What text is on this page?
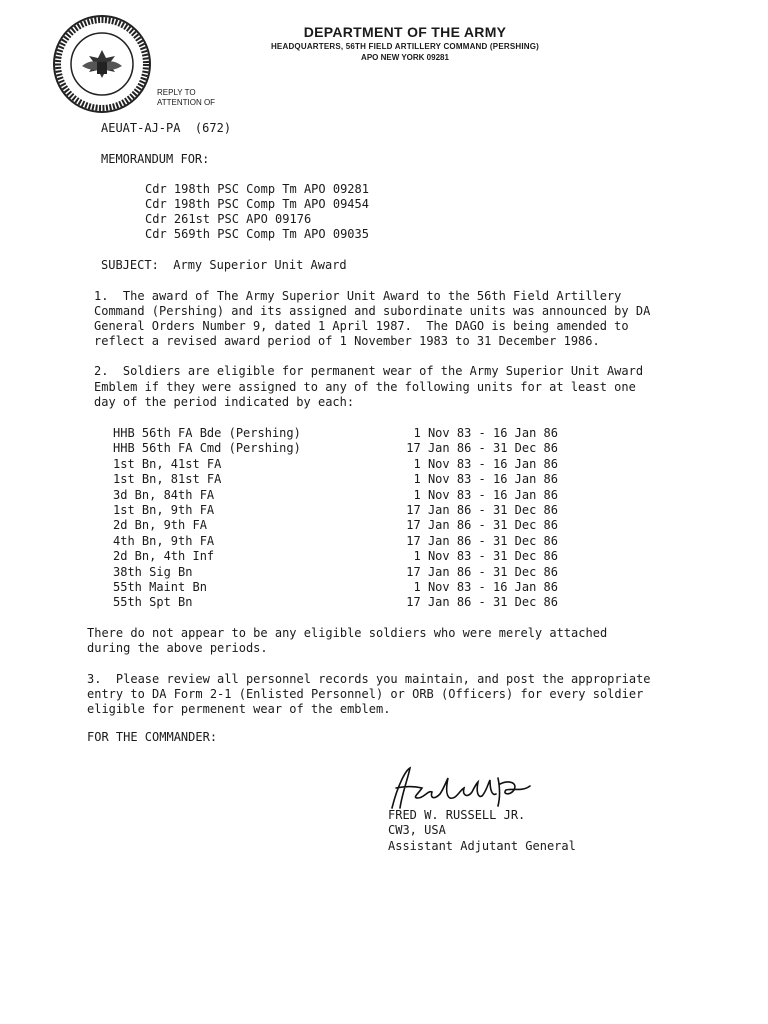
DEPARTMENT OF THE ARMY
HEADQUARTERS, 56TH FIELD ARTILLERY COMMAND (PERSHING)
APO NEW YORK 09281
REPLY TO
ATTENTION OF
AEUAT-AJ-PA  (672)
MEMORANDUM FOR:
Cdr 198th PSC Comp Tm APO 09281
Cdr 198th PSC Comp Tm APO 09454
Cdr 261st PSC APO 09176
Cdr 569th PSC Comp Tm APO 09035
SUBJECT:  Army Superior Unit Award
1.  The award of The Army Superior Unit Award to the 56th Field Artillery
Command (Pershing) and its assigned and subordinate units was announced by DA
General Orders Number 9, dated 1 April 1987.  The DAGO is being amended to
reflect a revised award period of 1 November 1983 to 31 December 1986.
2.  Soldiers are eligible for permanent wear of the Army Superior Unit Award
Emblem if they were assigned to any of the following units for at least one
day of the period indicated by each:
HHB 56th FA Bde (Pershing)
HHB 56th FA Cmd (Pershing)
1st Bn, 41st FA
1st Bn, 81st FA
3d Bn, 84th FA
1st Bn, 9th FA
2d Bn, 9th FA
4th Bn, 9th FA
2d Bn, 4th Inf
38th Sig Bn
55th Maint Bn
55th Spt Bn
1 Nov 83 - 16 Jan 86
17 Jan 86 - 31 Dec 86
1 Nov 83 - 16 Jan 86
1 Nov 83 - 16 Jan 86
1 Nov 83 - 16 Jan 86
17 Jan 86 - 31 Dec 86
17 Jan 86 - 31 Dec 86
17 Jan 86 - 31 Dec 86
1 Nov 83 - 31 Dec 86
17 Jan 86 - 31 Dec 86
1 Nov 83 - 16 Jan 86
17 Jan 86 - 31 Dec 86
There do not appear to be any eligible soldiers who were merely attached
during the above periods.
3.  Please review all personnel records you maintain, and post the appropriate
entry to DA Form 2-1 (Enlisted Personnel) or ORB (Officers) for every soldier
eligible for permenent wear of the emblem.
FOR THE COMMANDER:
FRED W. RUSSELL JR.
CW3, USA
Assistant Adjutant General
